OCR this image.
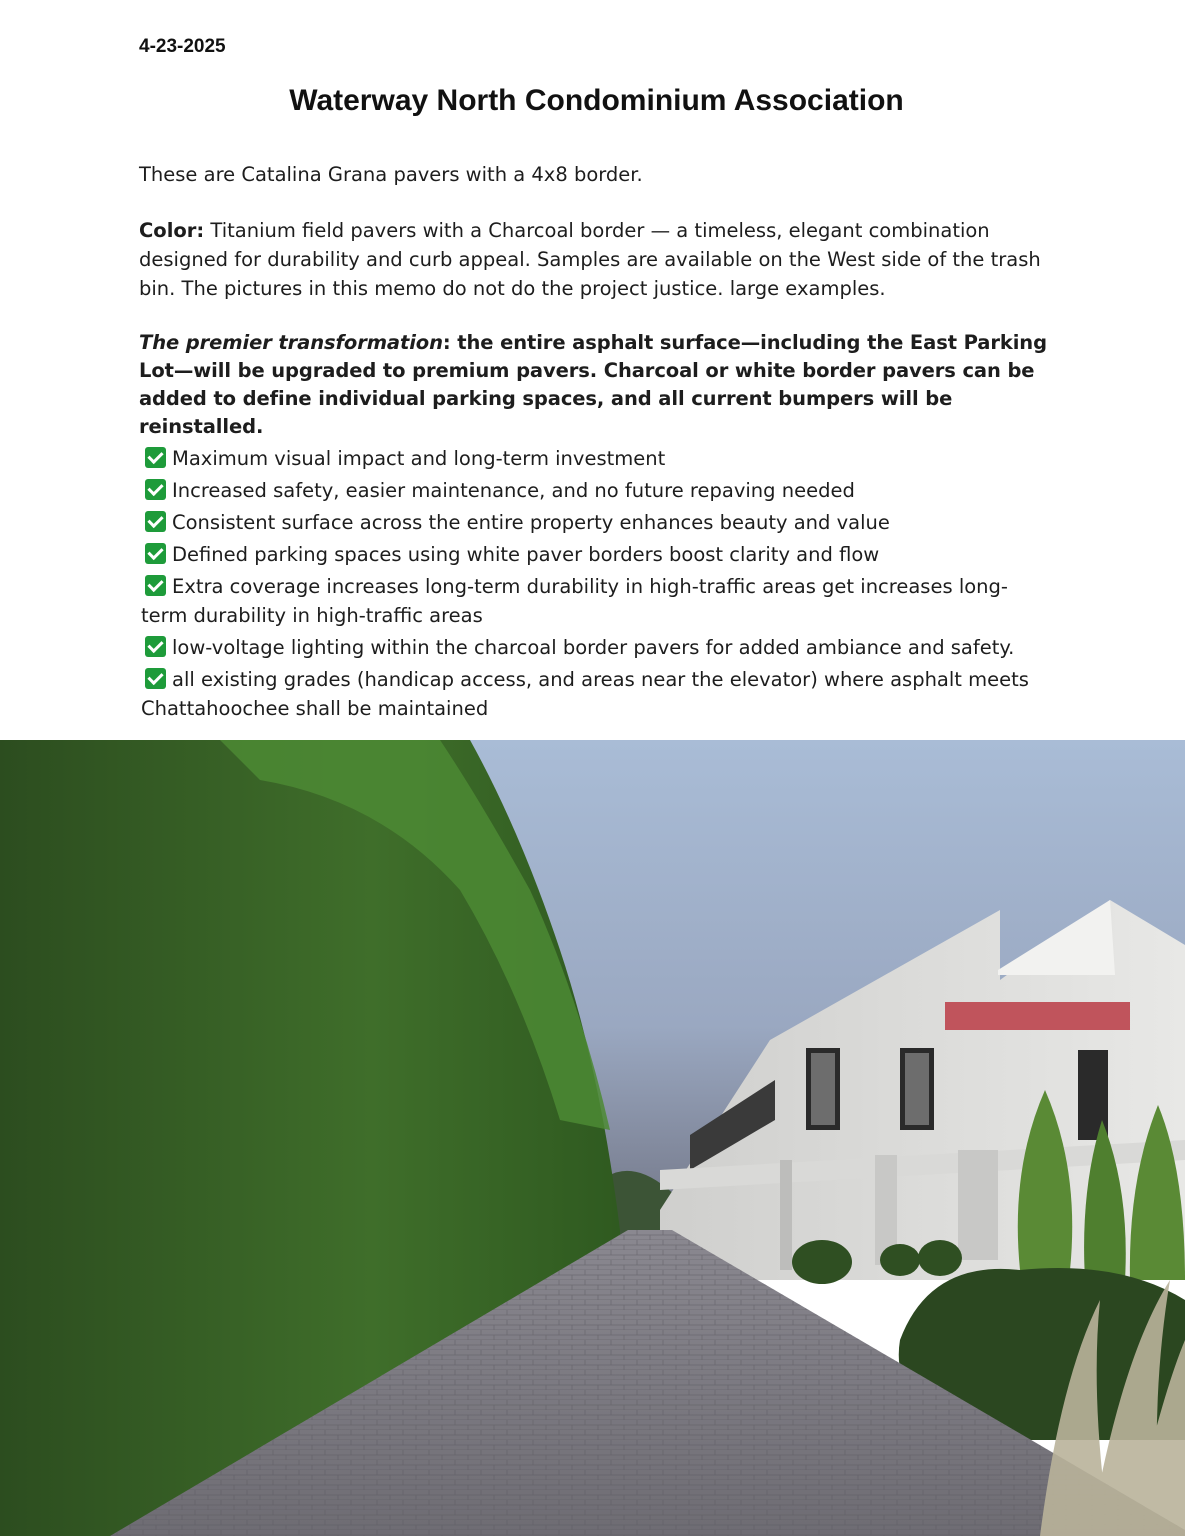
4-23-2025
Waterway North Condominium Association
These are Catalina Grana pavers with a 4x8 border.
Color: Titanium field pavers with a Charcoal border — a timeless, elegant combination designed for durability and curb appeal. Samples are available on the West side of the trash bin. The pictures in this memo do not do the project justice. large examples.
The premier transformation: the entire asphalt surface—including the East Parking Lot—will be upgraded to premium pavers. Charcoal or white border pavers can be added to define individual parking spaces, and all current bumpers will be reinstalled.
Maximum visual impact and long-term investment
Increased safety, easier maintenance, and no future repaving needed
Consistent surface across the entire property enhances beauty and value
Defined parking spaces using white paver borders boost clarity and flow
Extra coverage increases long-term durability in high-traffic areas get increases long-term durability in high-traffic areas
low-voltage lighting within the charcoal border pavers for added ambiance and safety.
all existing grades (handicap access, and areas near the elevator) where asphalt meets Chattahoochee shall be maintained
